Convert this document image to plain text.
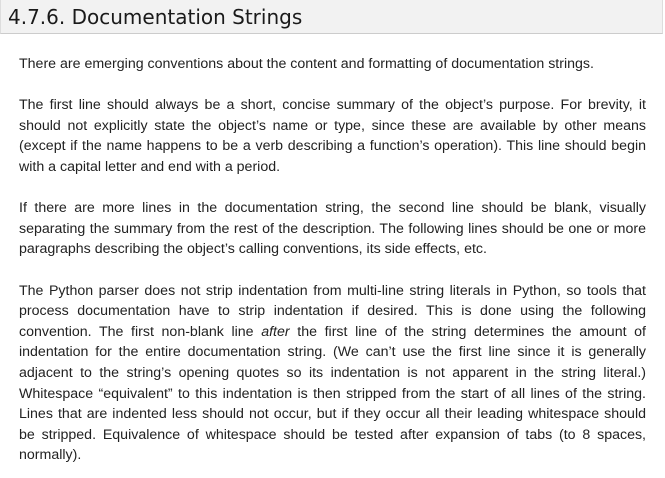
4.7.6. Documentation Strings

There are emerging conventions about the content and formatting of documentation strings.

The first line should always be a short, concise summary of the object’s purpose. For brevity, it should not explicitly state the object’s name or type, since these are available by other means (except if the name happens to be a verb describing a function’s operation). This line should begin with a capital letter and end with a period.

If there are more lines in the documentation string, the second line should be blank, visually separating the summary from the rest of the description. The following lines should be one or more paragraphs describing the object’s calling conventions, its side effects, etc.

The Python parser does not strip indentation from multi-line string literals in Python, so tools that process documentation have to strip indentation if desired. This is done using the following convention. The first non-blank line after the first line of the string determines the amount of indentation for the entire documentation string. (We can’t use the first line since it is generally adjacent to the string’s opening quotes so its indentation is not apparent in the string literal.) Whitespace “equivalent” to this indentation is then stripped from the start of all lines of the string. Lines that are indented less should not occur, but if they occur all their leading whitespace should be stripped. Equivalence of whitespace should be tested after expansion of tabs (to 8 spaces, normally).
